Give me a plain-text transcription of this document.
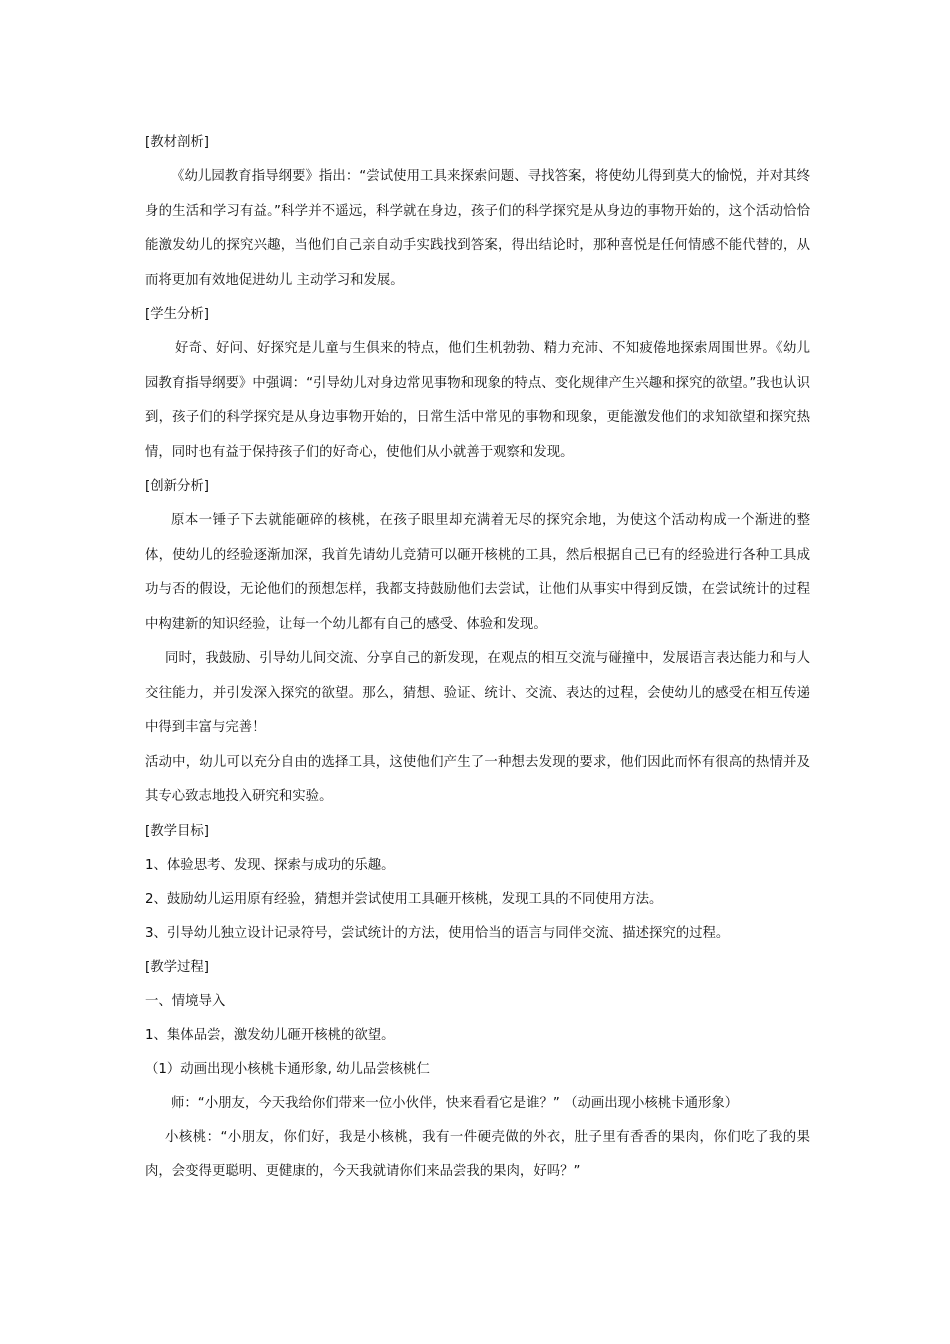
[教材剖析]
《幼儿园教育指导纲要》指出：“尝试使用工具来探索问题、寻找答案，将使幼儿得到莫大的愉悦，并对其终身的生活和学习有益。”科学并不遥远，科学就在身边，孩子们的科学探究是从身边的事物开始的，这个活动恰恰能激发幼儿的探究兴趣，当他们自己亲自动手实践找到答案，得出结论时，那种喜悦是任何情感不能代替的，从而将更加有效地促进幼儿 主动学习和发展。
[学生分析]
好奇、好问、好探究是儿童与生俱来的特点，他们生机勃勃、精力充沛、不知疲倦地探索周围世界。《幼儿园教育指导纲要》中强调：“引导幼儿对身边常见事物和现象的特点、变化规律产生兴趣和探究的欲望。”我也认识到，孩子们的科学探究是从身边事物开始的，日常生活中常见的事物和现象，更能激发他们的求知欲望和探究热情，同时也有益于保持孩子们的好奇心，使他们从小就善于观察和发现。
[创新分析]
原本一锤子下去就能砸碎的核桃，在孩子眼里却充满着无尽的探究余地，为使这个活动构成一个渐进的整体，使幼儿的经验逐渐加深，我首先请幼儿竞猜可以砸开核桃的工具，然后根据自己已有的经验进行各种工具成功与否的假设，无论他们的预想怎样，我都支持鼓励他们去尝试，让他们从事实中得到反馈，在尝试统计的过程中构建新的知识经验，让每一个幼儿都有自己的感受、体验和发现。
同时，我鼓励、引导幼儿间交流、分享自己的新发现，在观点的相互交流与碰撞中，发展语言表达能力和与人交往能力，并引发深入探究的欲望。那么，猜想、验证、统计、交流、表达的过程，会使幼儿的感受在相互传递中得到丰富与完善！
活动中，幼儿可以充分自由的选择工具，这使他们产生了一种想去发现的要求，他们因此而怀有很高的热情并及其专心致志地投入研究和实验。
[教学目标]
1、体验思考、发现、探索与成功的乐趣。
2、鼓励幼儿运用原有经验，猜想并尝试使用工具砸开核桃，发现工具的不同使用方法。
3、引导幼儿独立设计记录符号，尝试统计的方法，使用恰当的语言与同伴交流、描述探究的过程。
[教学过程]
一、情境导入
1、集体品尝，激发幼儿砸开核桃的欲望。
（1）动画出现小核桃卡通形象, 幼儿品尝核桃仁
师：“小朋友，今天我给你们带来一位小伙伴，快来看看它是谁？” （动画出现小核桃卡通形象）
小核桃：“小朋友，你们好，我是小核桃，我有一件硬壳做的外衣，肚子里有香香的果肉，你们吃了我的果肉，会变得更聪明、更健康的，今天我就请你们来品尝我的果肉，好吗？”
